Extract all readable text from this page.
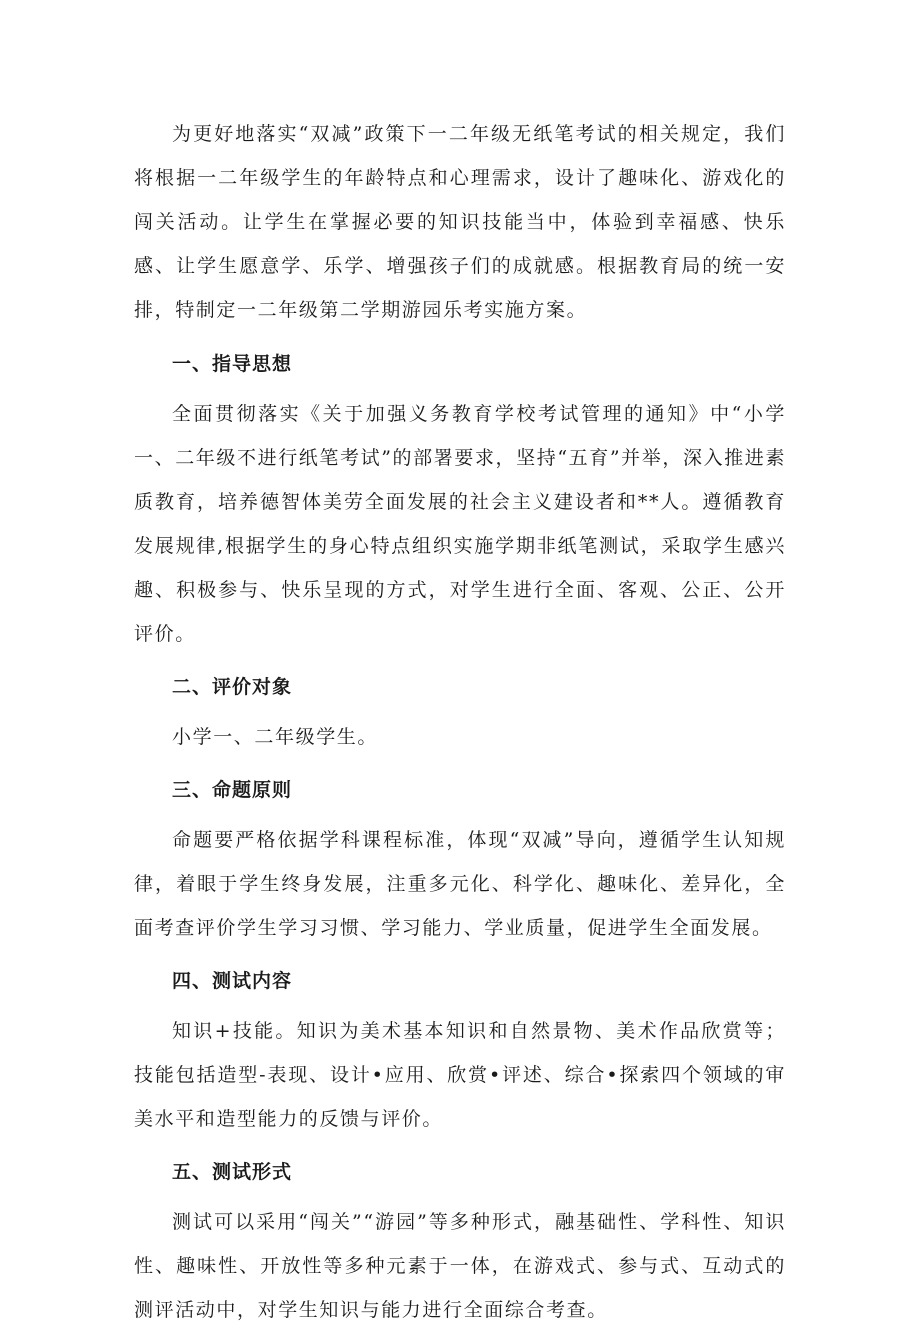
为更好地落实“双减”政策下一二年级无纸笔考试的相关规定，我们将根据一二年级学生的年龄特点和心理需求，设计了趣味化、游戏化的闯关活动。让学生在掌握必要的知识技能当中，体验到幸福感、快乐感、让学生愿意学、乐学、增强孩子们的成就感。根据教育局的统一安排，特制定一二年级第二学期游园乐考实施方案。

一、指导思想

全面贯彻落实《关于加强义务教育学校考试管理的通知》中“小学一、二年级不进行纸笔考试”的部署要求，坚持“五育”并举，深入推进素质教育，培养德智体美劳全面发展的社会主义建设者和**人。遵循教育发展规律,根据学生的身心特点组织实施学期非纸笔测试，采取学生感兴趣、积极参与、快乐呈现的方式，对学生进行全面、客观、公正、公开评价。

二、评价对象

小学一、二年级学生。

三、命题原则

命题要严格依据学科课程标准，体现“双减”导向，遵循学生认知规律，着眼于学生终身发展，注重多元化、科学化、趣味化、差异化，全面考查评价学生学习习惯、学习能力、学业质量，促进学生全面发展。

四、测试内容

知识+技能。知识为美术基本知识和自然景物、美术作品欣赏等；技能包括造型-表现、设计•应用、欣赏•评述、综合•探索四个领域的审美水平和造型能力的反馈与评价。

五、测试形式

测试可以采用“闯关”“游园”等多种形式，融基础性、学科性、知识性、趣味性、开放性等多种元素于一体，在游戏式、参与式、互动式的测评活动中，对学生知识与能力进行全面综合考查。
